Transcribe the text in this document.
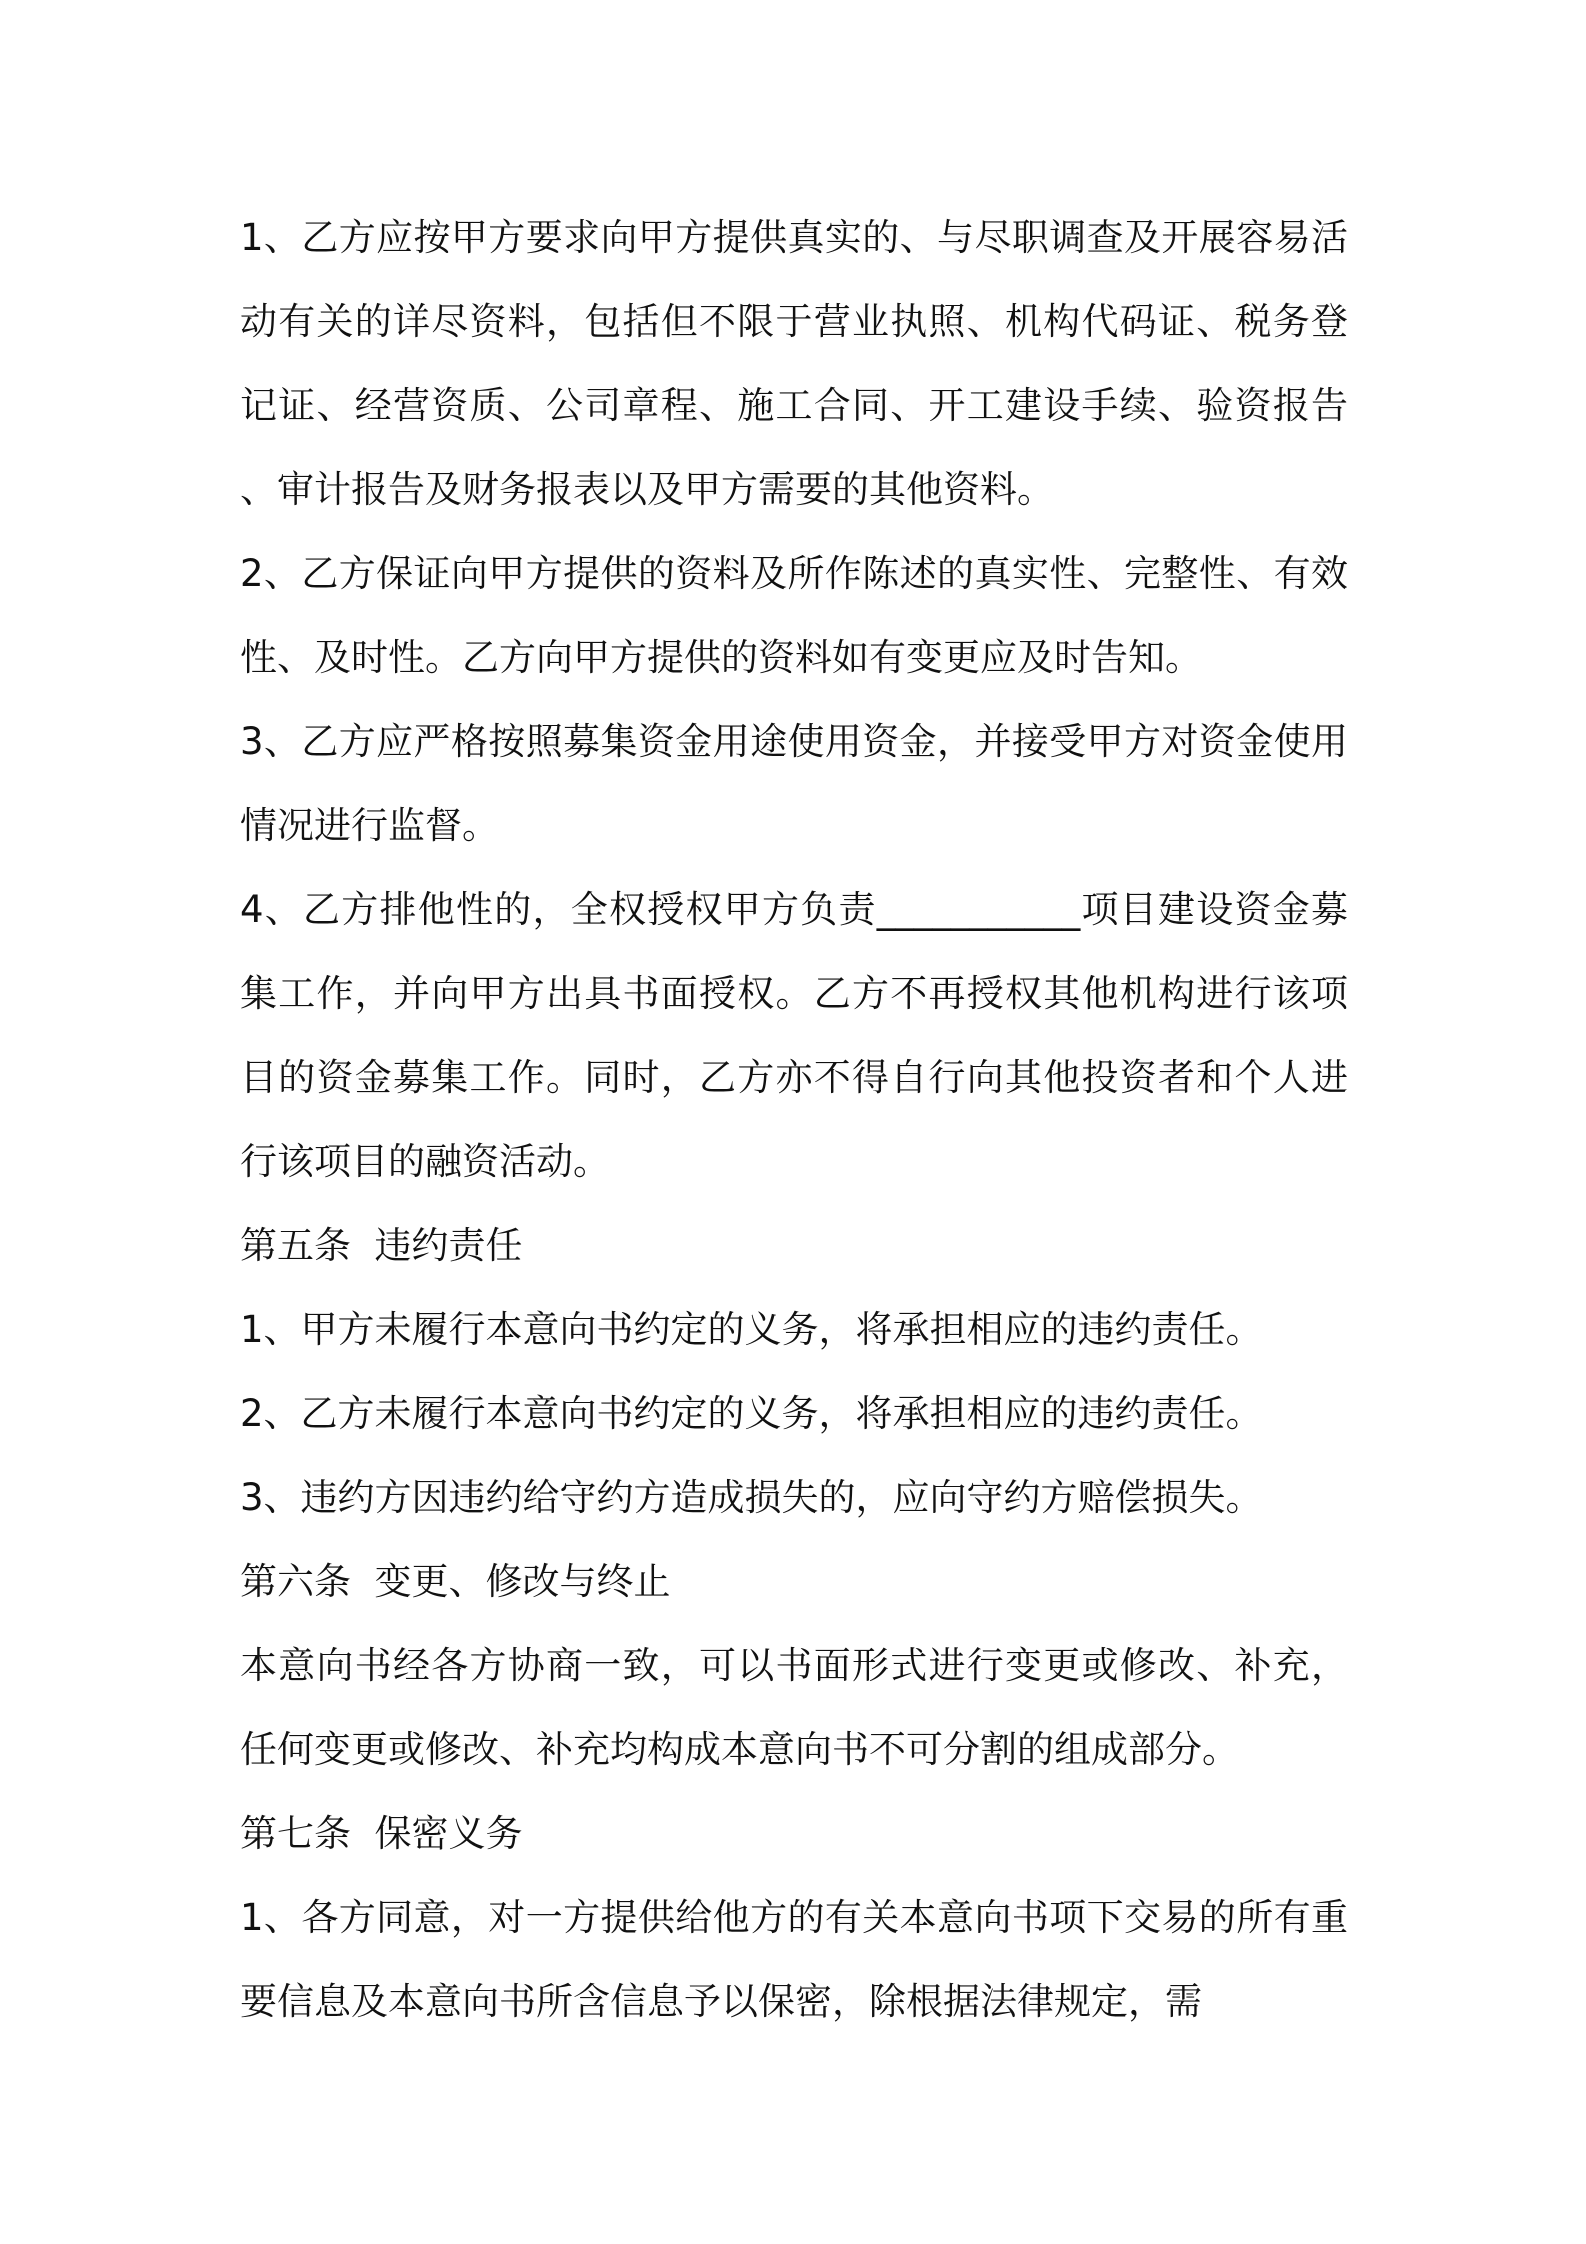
1、乙方应按甲方要求向甲方提供真实的、与尽职调查及开展容易活动有关的详尽资料，包括但不限于营业执照、机构代码证、税务登记证、经营资质、公司章程、施工合同、开工建设手续、验资报告、审计报告及财务报表以及甲方需要的其他资料。

2、乙方保证向甲方提供的资料及所作陈述的真实性、完整性、有效性、及时性。乙方向甲方提供的资料如有变更应及时告知。

3、乙方应严格按照募集资金用途使用资金，并接受甲方对资金使用情况进行监督。

4、乙方排他性的，全权授权甲方负责___________项目建设资金募集工作，并向甲方出具书面授权。乙方不再授权其他机构进行该项目的资金募集工作。同时，乙方亦不得自行向其他投资者和个人进行该项目的融资活动。

第五条  违约责任

1、甲方未履行本意向书约定的义务，将承担相应的违约责任。

2、乙方未履行本意向书约定的义务，将承担相应的违约责任。

3、违约方因违约给守约方造成损失的，应向守约方赔偿损失。

第六条  变更、修改与终止

本意向书经各方协商一致，可以书面形式进行变更或修改、补充，任何变更或修改、补充均构成本意向书不可分割的组成部分。

第七条  保密义务

1、各方同意，对一方提供给他方的有关本意向书项下交易的所有重要信息及本意向书所含信息予以保密，除根据法律规定，需
